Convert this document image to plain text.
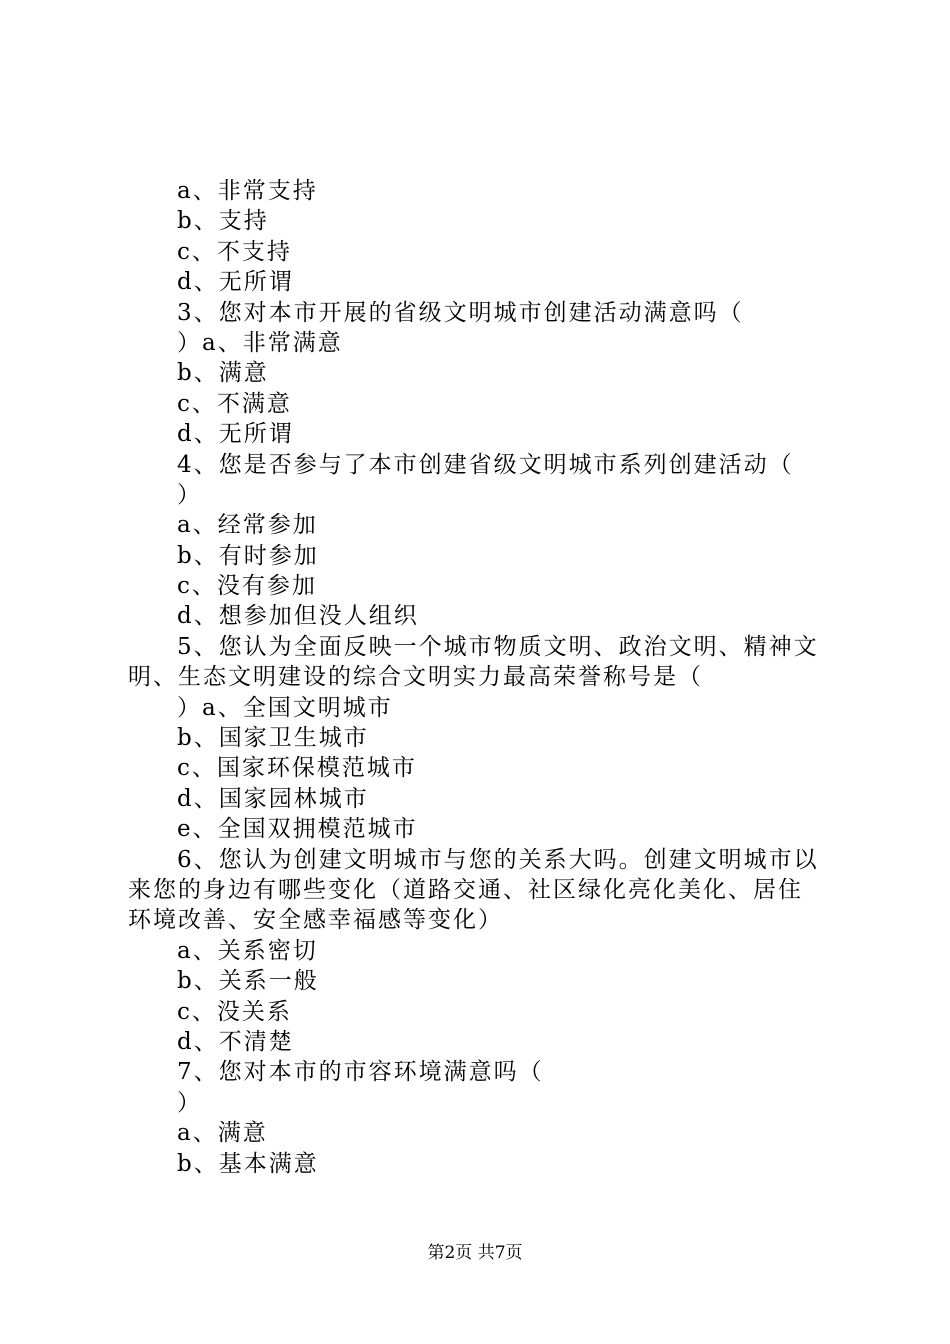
a、非常支持
b、支持
c、不支持
d、无所谓
3、您对本市开展的省级文明城市创建活动满意吗（
）a、非常满意
b、满意
c、不满意
d、无所谓
4、您是否参与了本市创建省级文明城市系列创建活动（
）
a、经常参加
b、有时参加
c、没有参加
d、想参加但没人组织
5、您认为全面反映一个城市物质文明、政治文明、精神文
明、生态文明建设的综合文明实力最高荣誉称号是（
）a、全国文明城市
b、国家卫生城市
c、国家环保模范城市
d、国家园林城市
e、全国双拥模范城市
6、您认为创建文明城市与您的关系大吗。创建文明城市以
来您的身边有哪些变化（道路交通、社区绿化亮化美化、居住
环境改善、安全感幸福感等变化）
a、关系密切
b、关系一般
c、没关系
d、不清楚
7、您对本市的市容环境满意吗（
）
a、满意
b、基本满意
第2页 共7页
